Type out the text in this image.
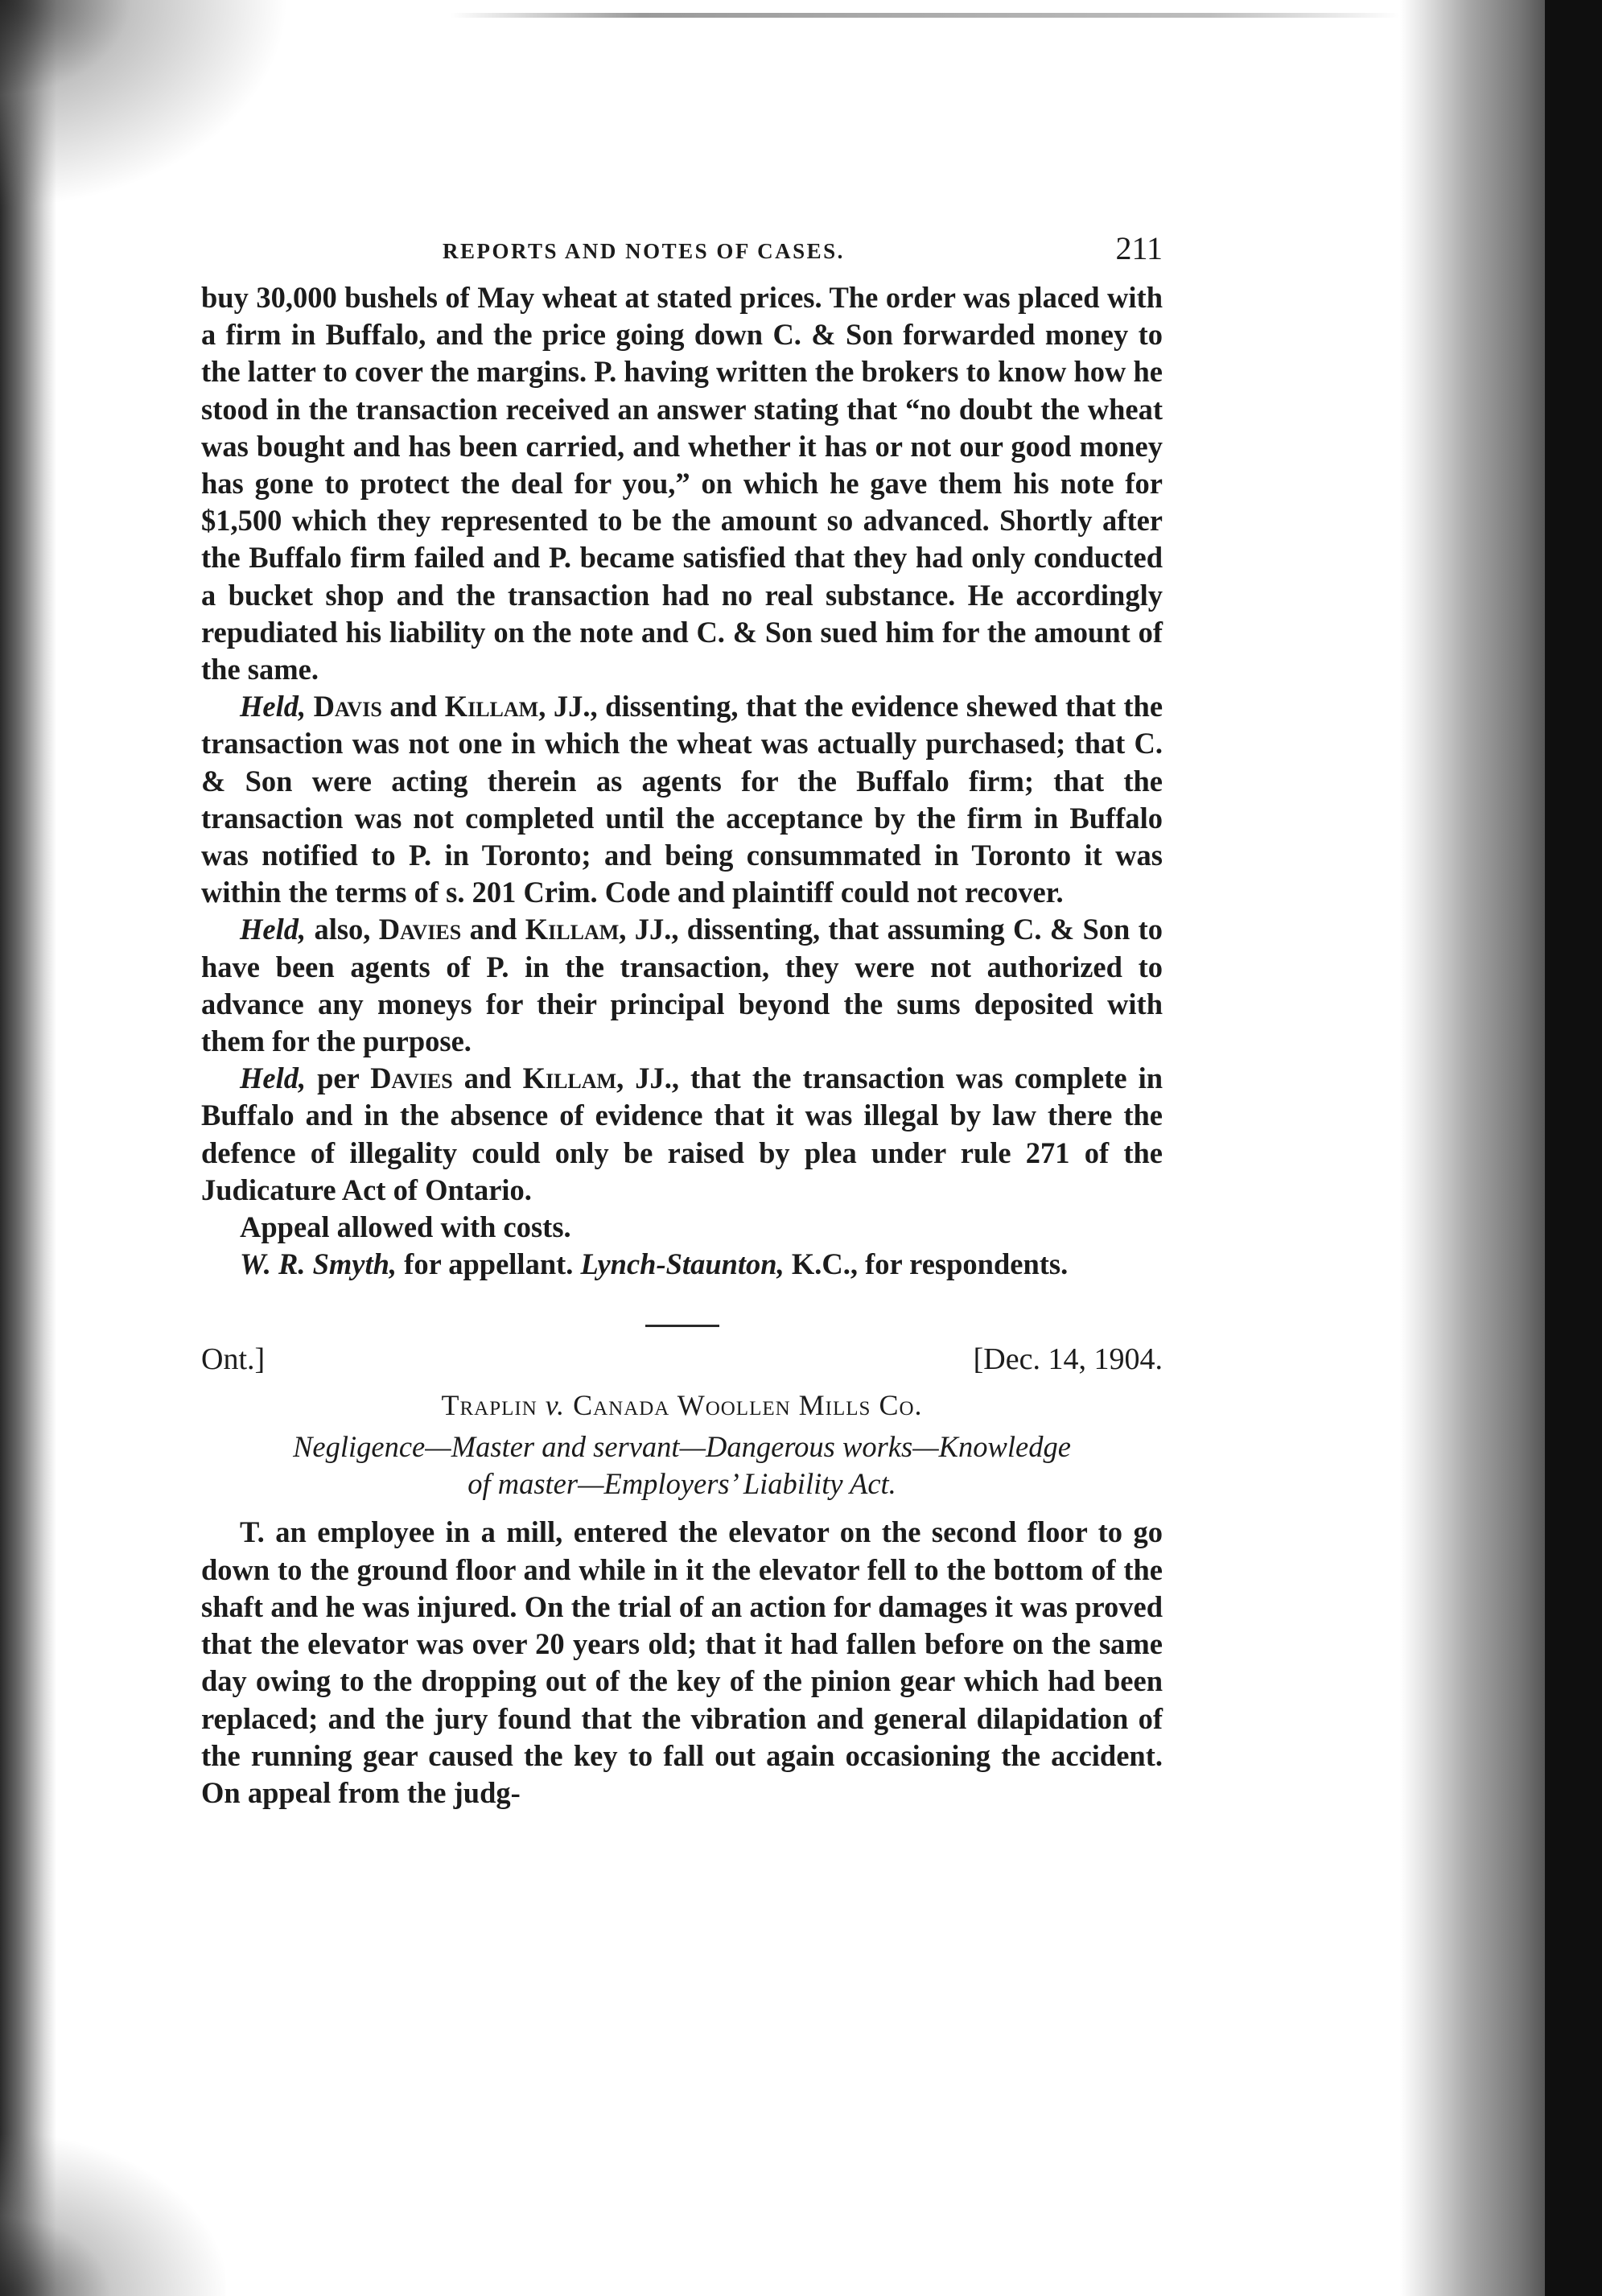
REPORTS AND NOTES OF CASES.	211

buy 30,000 bushels of May wheat at stated prices. The order was placed with a firm in Buffalo, and the price going down C. & Son forwarded money to the latter to cover the margins. P. having written the brokers to know how he stood in the transaction received an answer stating that “no doubt the wheat was bought and has been carried, and whether it has or not our good money has gone to protect the deal for you,” on which he gave them his note for $1,500 which they represented to be the amount so advanced. Shortly after the Buffalo firm failed and P. became satisfied that they had only conducted a bucket shop and the transaction had no real substance. He accordingly repudiated his liability on the note and C. & Son sued him for the amount of the same.

Held, Davis and Killam, JJ., dissenting, that the evidence shewed that the transaction was not one in which the wheat was actually purchased; that C. & Son were acting therein as agents for the Buffalo firm; that the transaction was not completed until the acceptance by the firm in Buffalo was notified to P. in Toronto; and being consummated in Toronto it was within the terms of s. 201 Crim. Code and plaintiff could not recover.

Held, also, Davies and Killam, JJ., dissenting, that assuming C. & Son to have been agents of P. in the transaction, they were not authorized to advance any moneys for their principal beyond the sums deposited with them for the purpose.

Held, per Davies and Killam, JJ., that the transaction was complete in Buffalo and in the absence of evidence that it was illegal by law there the defence of illegality could only be raised by plea under rule 271 of the Judicature Act of Ontario.

Appeal allowed with costs.

W. R. Smyth, for appellant. Lynch-Staunton, K.C., for respondents.

Ont.]	[Dec. 14, 1904.
Traplin v. Canada Woollen Mills Co.
Negligence—Master and servant—Dangerous works—Knowledge
of master—Employers’ Liability Act.

T. an employee in a mill, entered the elevator on the second floor to go down to the ground floor and while in it the elevator fell to the bottom of the shaft and he was injured. On the trial of an action for damages it was proved that the elevator was over 20 years old; that it had fallen before on the same day owing to the dropping out of the key of the pinion gear which had been replaced; and the jury found that the vibration and general dilapidation of the running gear caused the key to fall out again occasioning the accident. On appeal from the judg-
